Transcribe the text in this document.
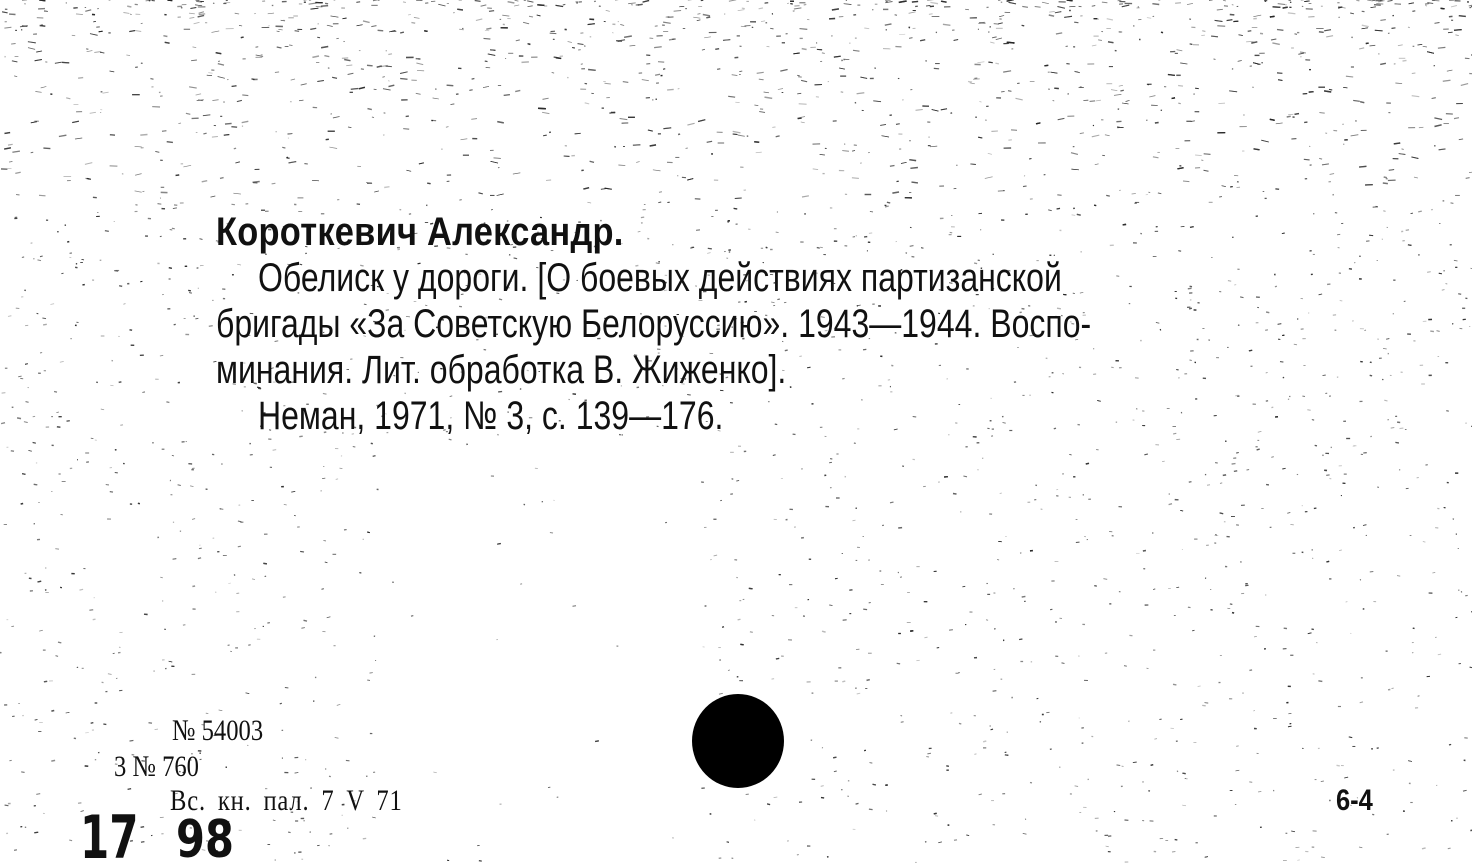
Короткевич Александр.
Обелиск у дороги. [О боевых действиях партизанской
бригады «За Советскую Белоруссию». 1943—1944. Воспо-
минания. Лит. обработка В. Жиженко].
Неман, 1971, № 3, с. 139—176.
№ 54003
3 № 760
Вс. кн. пал. 7 V 71	6-4
17 98
